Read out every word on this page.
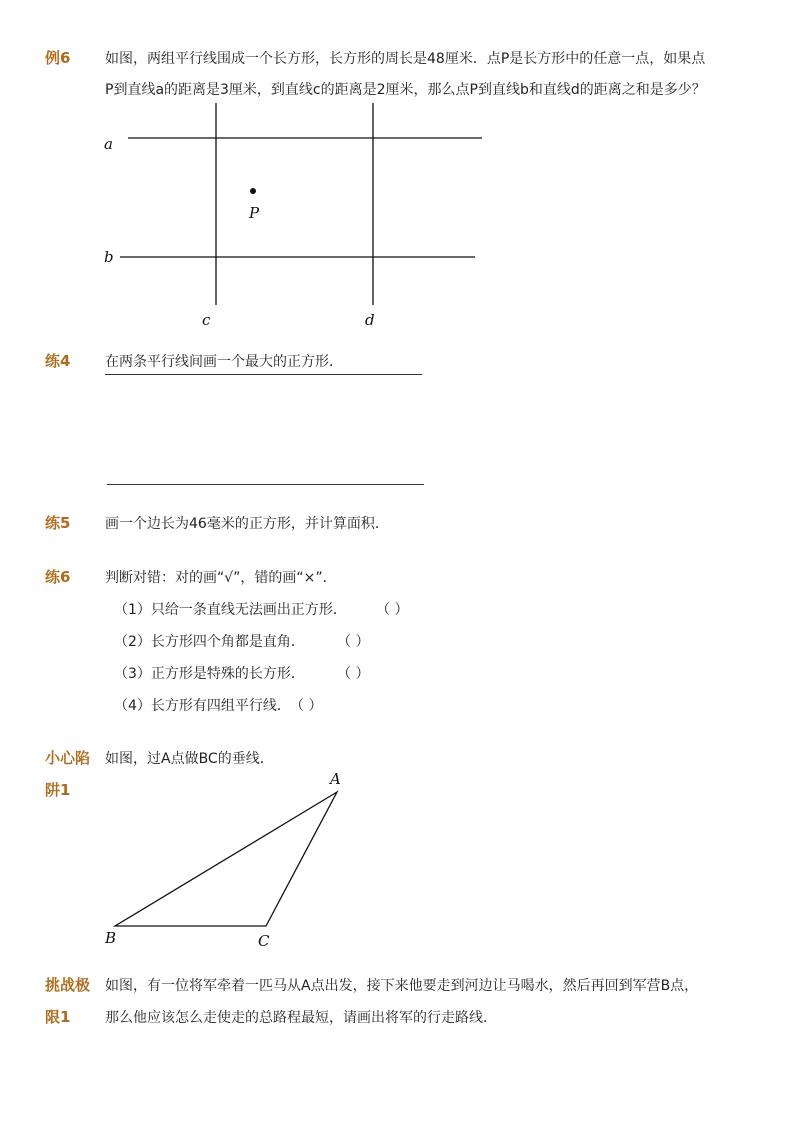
例6 如图，两组平行线围成一个长方形，长方形的周长是48厘米．点P是长方形中的任意一点，如果点
P到直线a的距离是3厘米，到直线c的距离是2厘米，那么点P到直线b和直线d的距离之和是多少？
a
b
c	d
P
A
B	C
练4 在两条平行线间画一个最大的正方形．
练5 画一个边长为46毫米的正方形，并计算面积．
练6 判断对错：对的画“√”，错的画“×”．
（1）只给一条直线无法画出正方形． （ ）
（2）长方形四个角都是直角． （ ）
（3）正方形是特殊的长方形． （ ）
（4）长方形有四组平行线． （ ）
小心陷
阱1
如图，过A点做BC的垂线．
挑战极
限1
如图，有一位将军牵着一匹马从A点出发，接下来他要走到河边让马喝水，然后再回到军营B点，
那么他应该怎么走使走的总路程最短，请画出将军的行走路线．
